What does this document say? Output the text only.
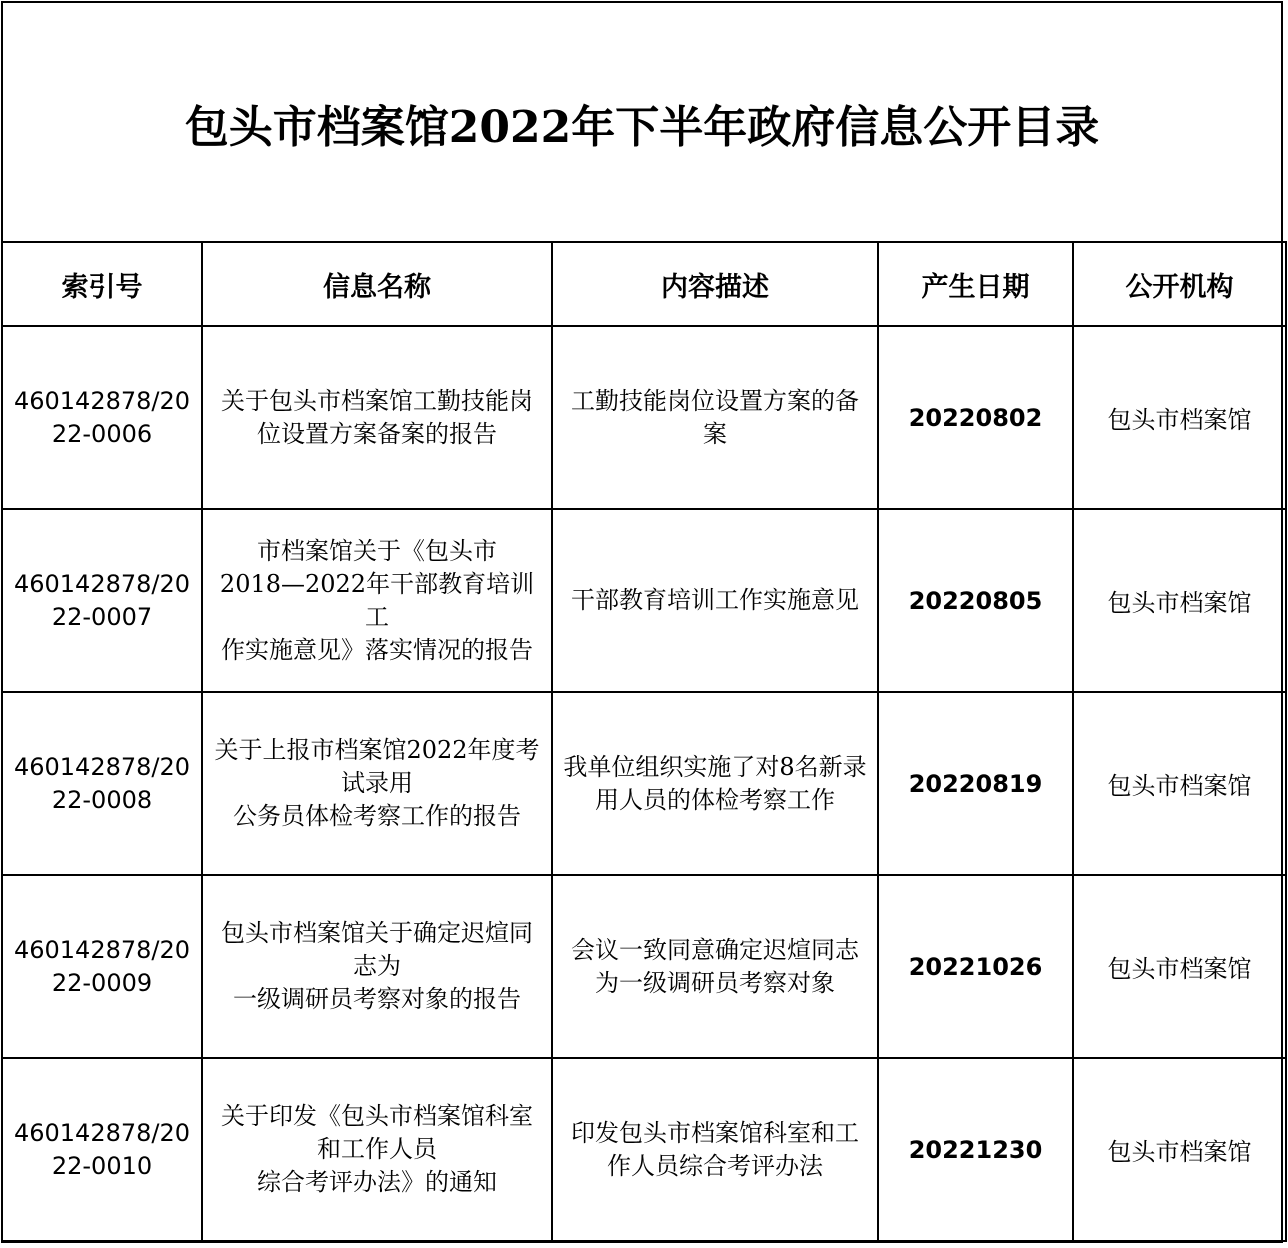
包头市档案馆2022年下半年政府信息公开目录
索引号	信息名称	内容描述	产生日期	公开机构

460142878/20
22-0006	关于包头市档案馆工勤技能岗
位设置方案备案的报告	工勤技能岗位设置方案的备
案	20220802	包头市档案馆

460142878/20
22-0007	市档案馆关于《包头市
2018—2022年干部教育培训工
作实施意见》落实情况的报告	干部教育培训工作实施意见	20220805	包头市档案馆

460142878/20
22-0008	关于上报市档案馆2022年度考
试录用
公务员体检考察工作的报告	我单位组织实施了对8名新录
用人员的体检考察工作	20220819	包头市档案馆

460142878/20
22-0009	包头市档案馆关于确定迟煊同
志为
一级调研员考察对象的报告	会议一致同意确定迟煊同志
为一级调研员考察对象	20221026	包头市档案馆

460142878/20
22-0010	关于印发《包头市档案馆科室
和工作人员
综合考评办法》的通知	印发包头市档案馆科室和工
作人员综合考评办法	20221230	包头市档案馆
